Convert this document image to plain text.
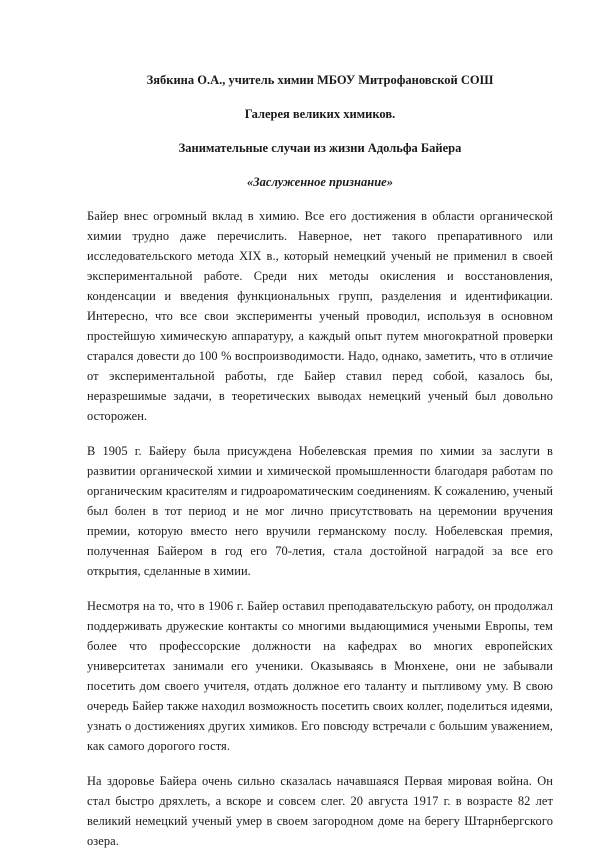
Зябкина О.А., учитель химии МБОУ Митрофановской СОШ

Галерея великих химиков.

Занимательные случаи из жизни Адольфа Байера

«Заслуженное признание»

Байер внес огромный вклад в химию. Все его достижения в области органической химии трудно даже перечислить. Наверное, нет такого препаративного или исследовательского метода XIX в., который немецкий ученый не применил в своей экспериментальной работе. Среди них методы окисления и восстановления, конденсации и введения функциональных групп, разделения и идентификации. Интересно, что все свои эксперименты ученый проводил, используя в основном простейшую химическую аппаратуру, а каждый опыт путем многократной проверки старался довести до 100 % воспроизводимости. Надо, однако, заметить, что в отличие от экспериментальной работы, где Байер ставил перед собой, казалось бы, неразрешимые задачи, в теоретических выводах немецкий ученый был довольно осторожен.

В 1905 г. Байеру была присуждена Нобелевская премия по химии за заслуги в развитии органической химии и химической промышленности благодаря работам по органическим красителям и гидроароматическим соединениям. К сожалению, ученый был болен в тот период и не мог лично присутствовать на церемонии вручения премии, которую вместо него вручили германскому послу. Нобелевская премия, полученная Байером в год его 70-летия, стала достойной наградой за все его открытия, сделанные в химии.

Несмотря на то, что в 1906 г. Байер оставил преподавательскую работу, он продолжал поддерживать дружеские контакты со многими выдающимися учеными Европы, тем более что профессорские должности на кафедрах во многих европейских университетах занимали его ученики. Оказываясь в Мюнхене, они не забывали посетить дом своего учителя, отдать должное его таланту и пытливому уму. В свою очередь Байер также находил возможность посетить своих коллег, поделиться идеями, узнать о достижениях других химиков. Его повсюду встречали с большим уважением, как самого дорогого гостя.

На здоровье Байера очень сильно сказалась начавшаяся Первая мировая война. Он стал быстро дряхлеть, а вскоре и совсем слег. 20 августа 1917 г. в возрасте 82 лет великий немецкий ученый умер в своем загородном доме на берегу Штарнбергского озера.
